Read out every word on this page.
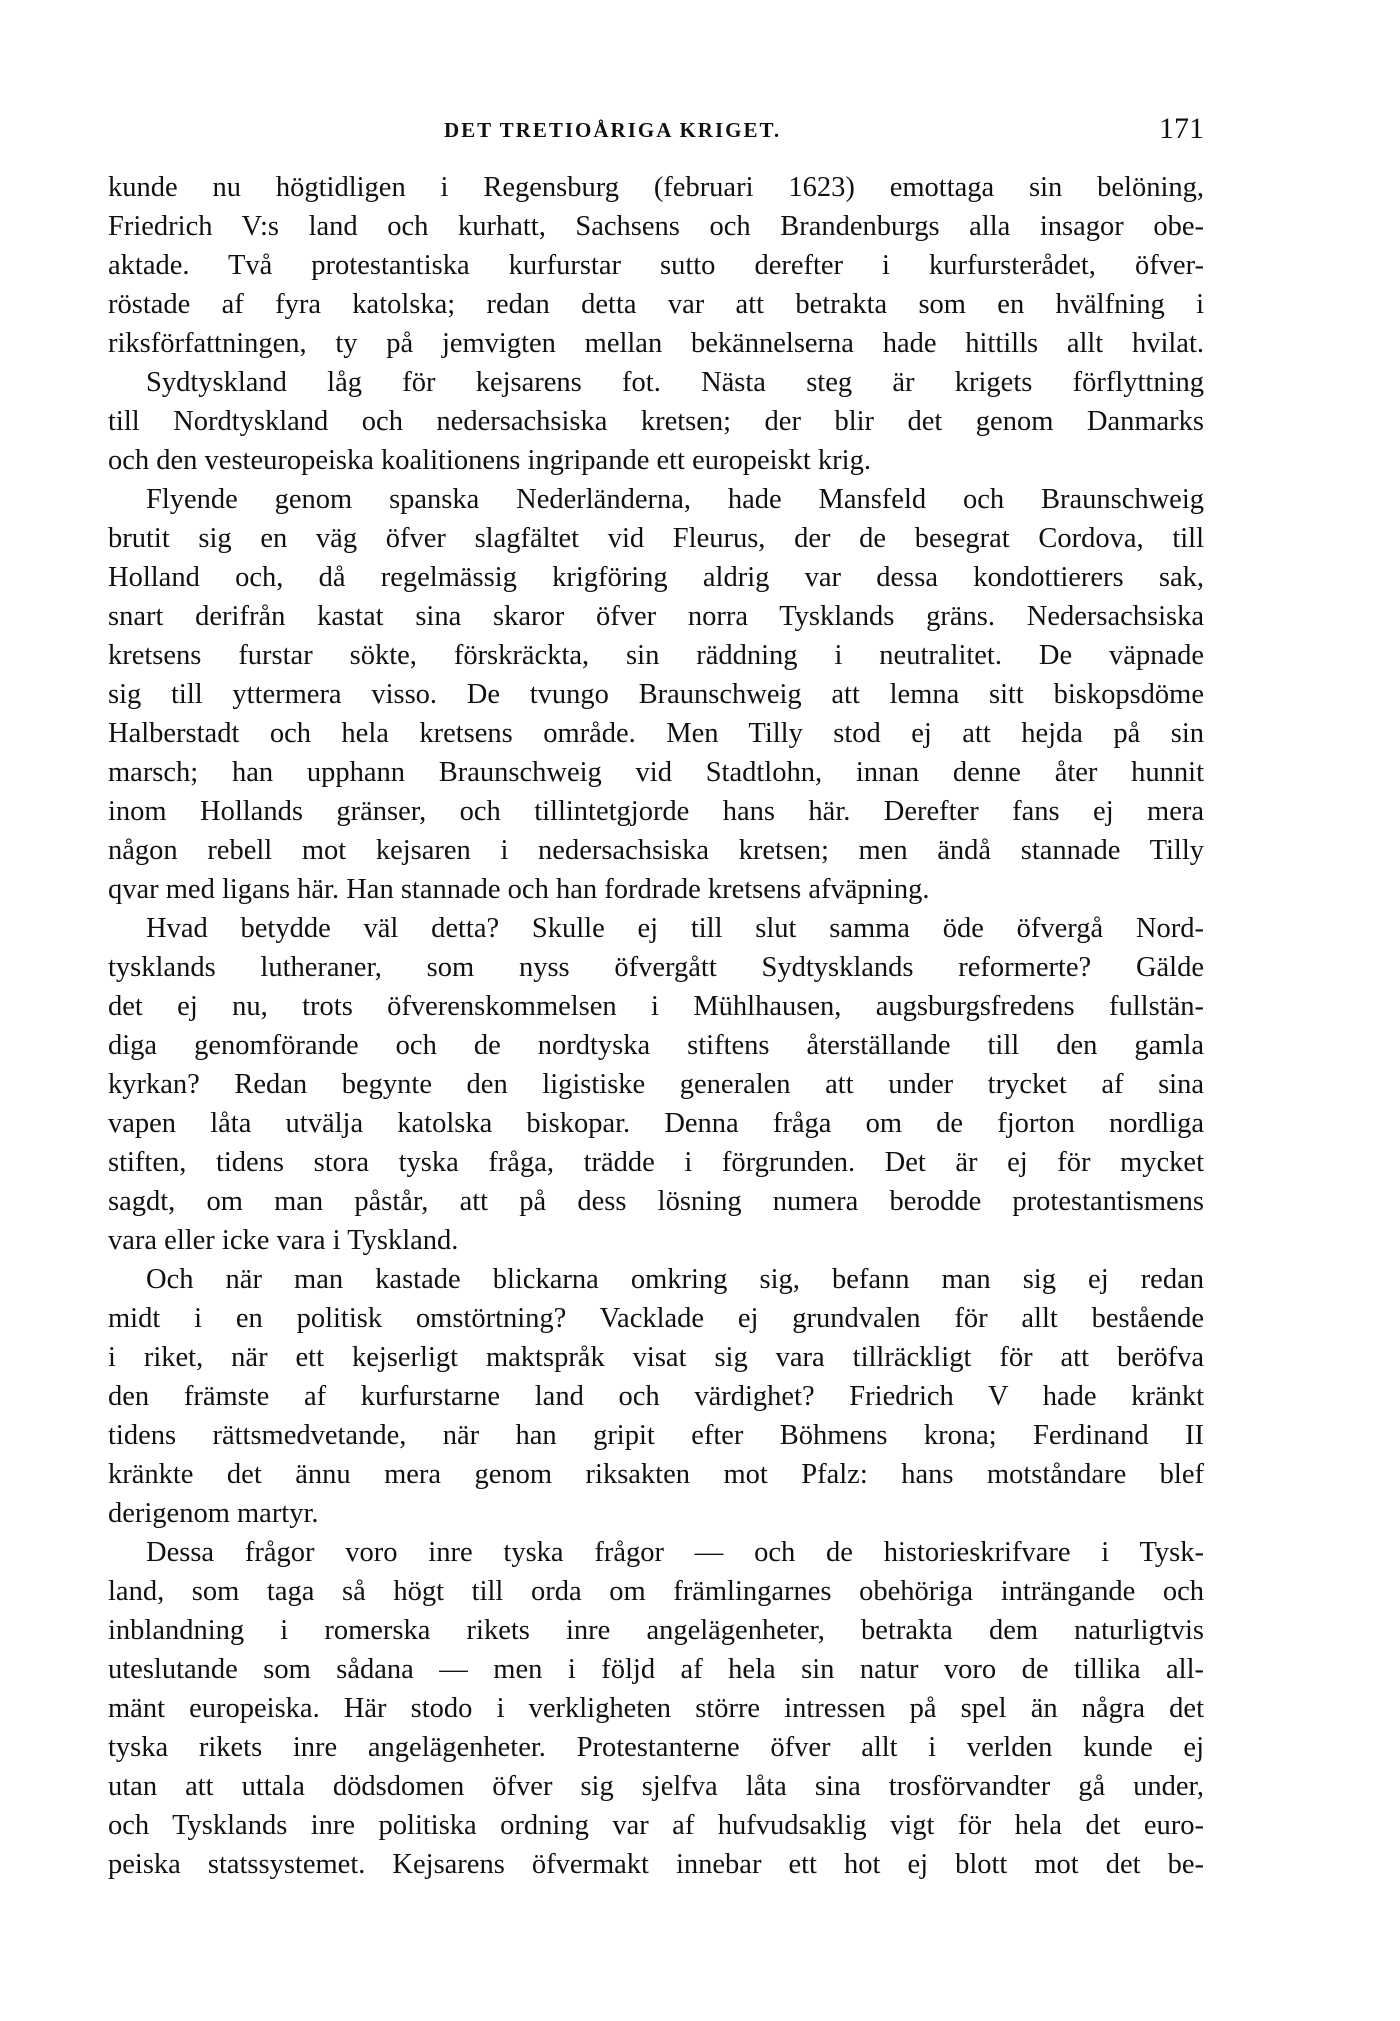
DET TRETIOÅRIGA KRIGET.	171
kunde nu högtidligen i Regensburg (februari 1623) emottaga sin belöning,
Friedrich V:s land och kurhatt, Sachsens och Brandenburgs alla insagor obe-
aktade. Två protestantiska kurfurstar sutto derefter i kurfursterådet, öfver-
röstade af fyra katolska; redan detta var att betrakta som en hvälfning i
riksförfattningen, ty på jemvigten mellan bekännelserna hade hittills allt hvilat.
Sydtyskland låg för kejsarens fot. Nästa steg är krigets förflyttning
till Nordtyskland och nedersachsiska kretsen; der blir det genom Danmarks
och den vesteuropeiska koalitionens ingripande ett europeiskt krig.
Flyende genom spanska Nederländerna, hade Mansfeld och Braunschweig
brutit sig en väg öfver slagfältet vid Fleurus, der de besegrat Cordova, till
Holland och, då regelmässig krigföring aldrig var dessa kondottierers sak,
snart derifrån kastat sina skaror öfver norra Tysklands gräns. Nedersachsiska
kretsens furstar sökte, förskräckta, sin räddning i neutralitet. De väpnade
sig till yttermera visso. De tvungo Braunschweig att lemna sitt biskopsdöme
Halberstadt och hela kretsens område. Men Tilly stod ej att hejda på sin
marsch; han upphann Braunschweig vid Stadtlohn, innan denne åter hunnit
inom Hollands gränser, och tillintetgjorde hans här. Derefter fans ej mera
någon rebell mot kejsaren i nedersachsiska kretsen; men ändå stannade Tilly
qvar med ligans här. Han stannade och han fordrade kretsens afväpning.
Hvad betydde väl detta? Skulle ej till slut samma öde öfvergå Nord-
tysklands lutheraner, som nyss öfvergått Sydtysklands reformerte? Gälde
det ej nu, trots öfverenskommelsen i Mühlhausen, augsburgsfredens fullstän-
diga genomförande och de nordtyska stiftens återställande till den gamla
kyrkan? Redan begynte den ligistiske generalen att under trycket af sina
vapen låta utvälja katolska biskopar. Denna fråga om de fjorton nordliga
stiften, tidens stora tyska fråga, trädde i förgrunden. Det är ej för mycket
sagdt, om man påstår, att på dess lösning numera berodde protestantismens
vara eller icke vara i Tyskland.
Och när man kastade blickarna omkring sig, befann man sig ej redan
midt i en politisk omstörtning? Vacklade ej grundvalen för allt bestående
i riket, när ett kejserligt maktspråk visat sig vara tillräckligt för att beröfva
den främste af kurfurstarne land och värdighet? Friedrich V hade kränkt
tidens rättsmedvetande, när han gripit efter Böhmens krona; Ferdinand II
kränkte det ännu mera genom riksakten mot Pfalz: hans motståndare blef
derigenom martyr.
Dessa frågor voro inre tyska frågor — och de historieskrifvare i Tysk-
land, som taga så högt till orda om främlingarnes obehöriga inträngande och
inblandning i romerska rikets inre angelägenheter, betrakta dem naturligtvis
uteslutande som sådana — men i följd af hela sin natur voro de tillika all-
mänt europeiska. Här stodo i verkligheten större intressen på spel än några det
tyska rikets inre angelägenheter. Protestanterne öfver allt i verlden kunde ej
utan att uttala dödsdomen öfver sig sjelfva låta sina trosförvandter gå under,
och Tysklands inre politiska ordning var af hufvudsaklig vigt för hela det euro-
peiska statssystemet. Kejsarens öfvermakt innebar ett hot ej blott mot det be-
